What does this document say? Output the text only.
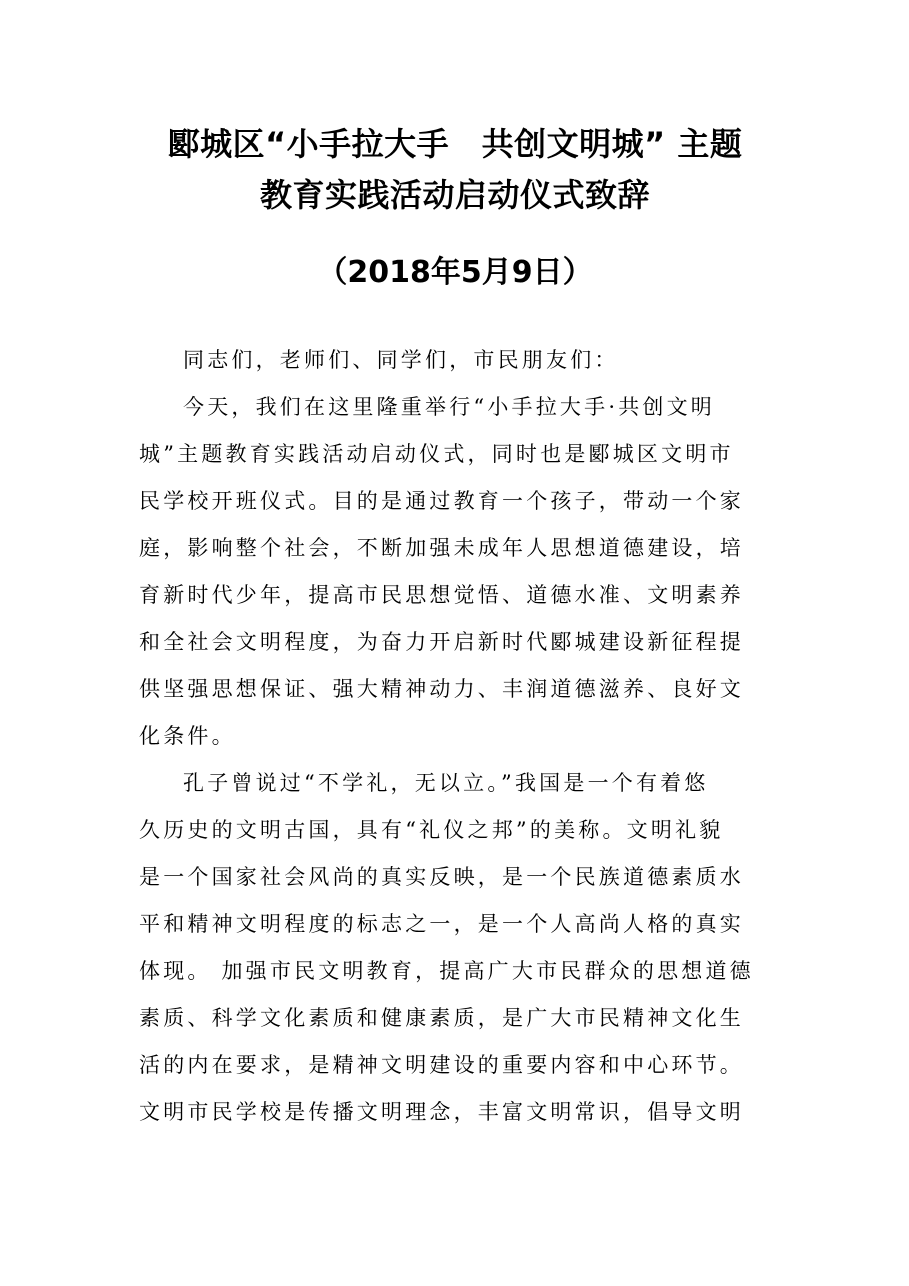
郾城区“小手拉大手　共创文明城” 主题
教育实践活动启动仪式致辞
（2018年5月9日）
同志们，老师们、同学们，市民朋友们：
今天，我们在这里隆重举行“小手拉大手·共创文明
城”主题教育实践活动启动仪式，同时也是郾城区文明市
民学校开班仪式。目的是通过教育一个孩子，带动一个家
庭，影响整个社会，不断加强未成年人思想道德建设，培
育新时代少年，提高市民思想觉悟、道德水准、文明素养
和全社会文明程度，为奋力开启新时代郾城建设新征程提
供坚强思想保证、强大精神动力、丰润道德滋养、良好文
化条件。
孔子曾说过“不学礼，无以立。”我国是一个有着悠
久历史的文明古国，具有“礼仪之邦”的美称。文明礼貌
是一个国家社会风尚的真实反映，是一个民族道德素质水
平和精神文明程度的标志之一，是一个人高尚人格的真实
体现。 加强市民文明教育，提高广大市民群众的思想道德
素质、科学文化素质和健康素质，是广大市民精神文化生
活的内在要求，是精神文明建设的重要内容和中心环节。
文明市民学校是传播文明理念，丰富文明常识，倡导文明
